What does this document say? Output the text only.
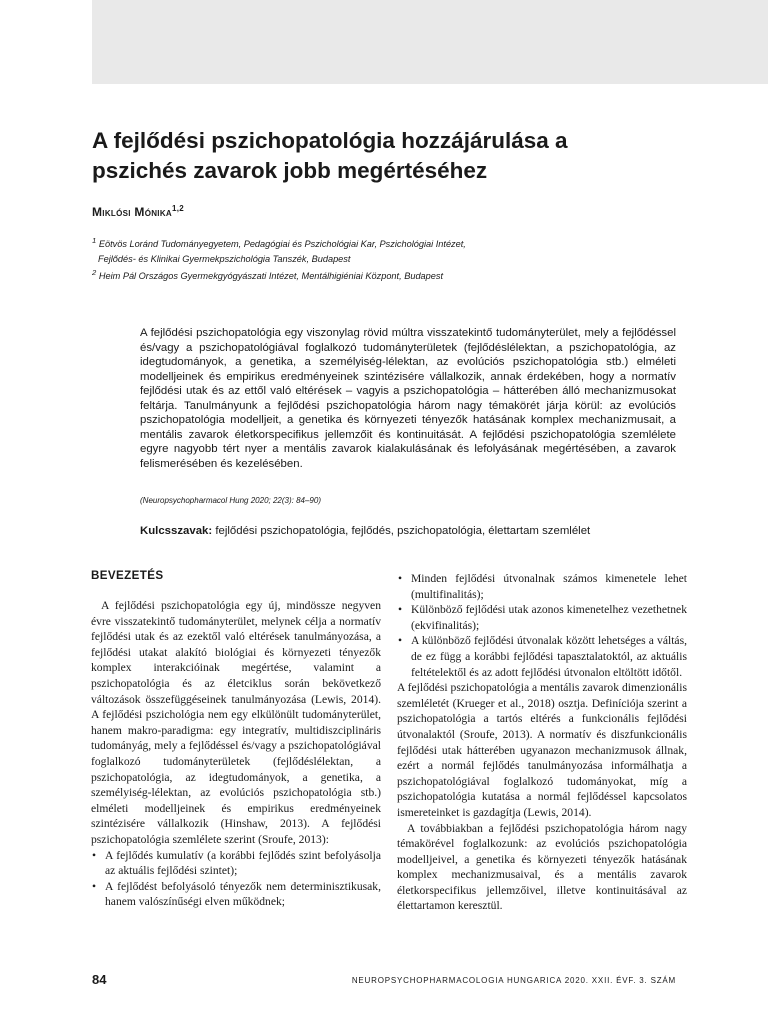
A fejlődési pszichopatológia hozzájárulása a
pszichés zavarok jobb megértéséhez
Miklósi Mónika$^{1,2}$

$^1$ Eötvös Loránd Tudományegyetem, Pedagógiai és Pszichológiai Kar, Pszichológiai Intézet,

Fejlődés- és Klinikai Gyermekpszichológia Tanszék, Budapest

$^2$ Heim Pál Országos Gyermekgyógyászati Intézet, Mentálhigiéniai Központ, Budapest

A fejlődési pszichopatológia egy viszonylag rövid múltra visszatekintő tudományterület, mely a fejlődéssel és/vagy a pszichopatológiával foglalkozó tudományterületek (fejlődéslélektan, a pszichopatológia, az idegtudományok, a genetika, a személyiség-lélektan, az evolúciós pszichopatológia stb.) elméleti modelljeinek és empirikus eredményeinek szintézisére vállalkozik, annak érdekében, hogy a normatív fejlődési utak és az ettől való eltérések – vagyis a pszichopatológia – hátterében álló mechanizmusokat feltárja. Tanulmányunk a fejlődési pszichopatológia három nagy témakörét járja körül: az evolúciós pszichopatológia modelljeit, a genetika és környezeti tényezők hatásának komplex mechanizmusait, a mentális zavarok életkorspecifikus jellemzőit és kontinuitását. A fejlődési pszichopatológia szemlélete egyre nagyobb tért nyer a mentális zavarok kialakulásának és lefolyásának megértésében, a zavarok felismerésében és kezelésében.

(Neuropsychopharmacol Hung 2020; 22(3): 84–90)
Kulcsszavak: fejlődési pszichopatológia, fejlődés, pszichopatológia, élettartam szemlélet
BEVEZETÉS

A fejlődési pszichopatológia egy új, mindössze negyven évre visszatekintő tudományterület, melynek célja a normatív fejlődési utak és az ezektől való eltérések tanulmányozása, a fejlődési utakat alakító biológiai és környezeti tényezők komplex interakcióinak megértése, valamint a pszichopatológia és az életciklus során bekövetkező változások összefüggéseinek tanulmányozása (Lewis, 2014). A fejlődési pszichológia nem egy elkülönült tudományterület, hanem makro-paradigma: egy integratív, multidiszciplináris tudományág, mely a fejlődéssel és/vagy a pszichopatológiával foglalkozó tudományterületek (fejlődéslélektan, a pszichopatológia, az idegtudományok, a genetika, a személyiség-lélektan, az evolúciós pszichopatológia stb.) elméleti modelljeinek és empirikus eredményeinek szintézisére vállalkozik (Hinshaw, 2013). A fejlődési pszichopatológia szemlélete szerint (Sroufe, 2013):

• A fejlődés kumulatív (a korábbi fejlődés szint befolyásolja az aktuális fejlődési szintet);
• A fejlődést befolyásoló tényezők nem determinisztikusak, hanem valószínűségi elven működnek;
• Minden fejlődési útvonalnak számos kimenetele lehet (multifinalitás);
• Különböző fejlődési utak azonos kimenetelhez vezethetnek (ekvifinalitás);
• A különböző fejlődési útvonalak között lehetséges a váltás, de ez függ a korábbi fejlődési tapasztalatoktól, az aktuális feltételektől és az adott fejlődési útvonalon eltöltött időtől.

A fejlődési pszichopatológia a mentális zavarok dimenzionális szemléletét (Krueger et al., 2018) osztja. Definíciója szerint a pszichopatológia a tartós eltérés a funkcionális fejlődési útvonalaktól (Sroufe, 2013). A normatív és diszfunkcionális fejlődési utak hátterében ugyanazon mechanizmusok állnak, ezért a normál fejlődés tanulmányozása informálhatja a pszichopatológiával foglalkozó tudományokat, míg a pszichopatológia kutatása a normál fejlődéssel kapcsolatos ismereteinket is gazdagítja (Lewis, 2014).

A továbbiakban a fejlődési pszichopatológia három nagy témakörével foglalkozunk: az evolúciós pszichopatológia modelljeivel, a genetika és környezeti tényezők hatásának komplex mechanizmusaival, és a mentális zavarok életkorspecifikus jellemzőivel, illetve kontinuitásával az élettartamon keresztül.

84	NEUROPSYCHOPHARMACOLOGIA HUNGARICA 2020. XXII. ÉVF. 3. SZÁM
